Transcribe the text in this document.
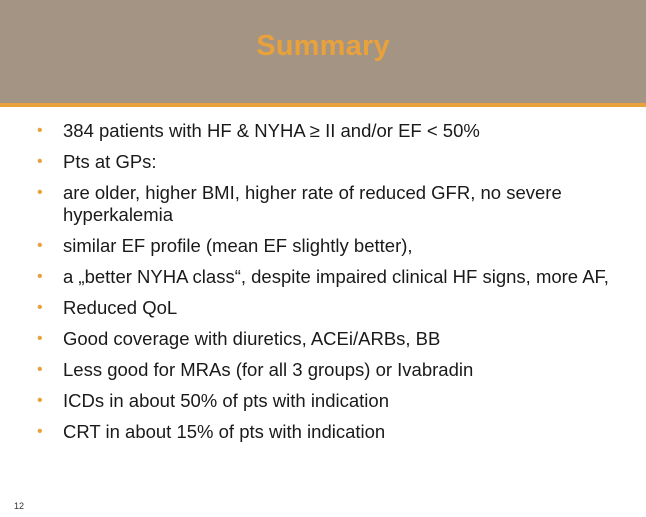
Summary
• 384 patients with HF & NYHA ≥ II and/or EF < 50%
• Pts at GPs:
• are older, higher BMI, higher rate of reduced GFR, no severe hyperkalemia
• similar EF profile (mean EF slightly better),
• a „better NYHA class“, despite impaired clinical HF signs, more AF,
• Reduced QoL
• Good coverage with diuretics, ACEi/ARBs, BB
• Less good for MRAs (for all 3 groups) or Ivabradin
• ICDs in about 50% of pts with indication
• CRT in about 15% of pts with indication
12
